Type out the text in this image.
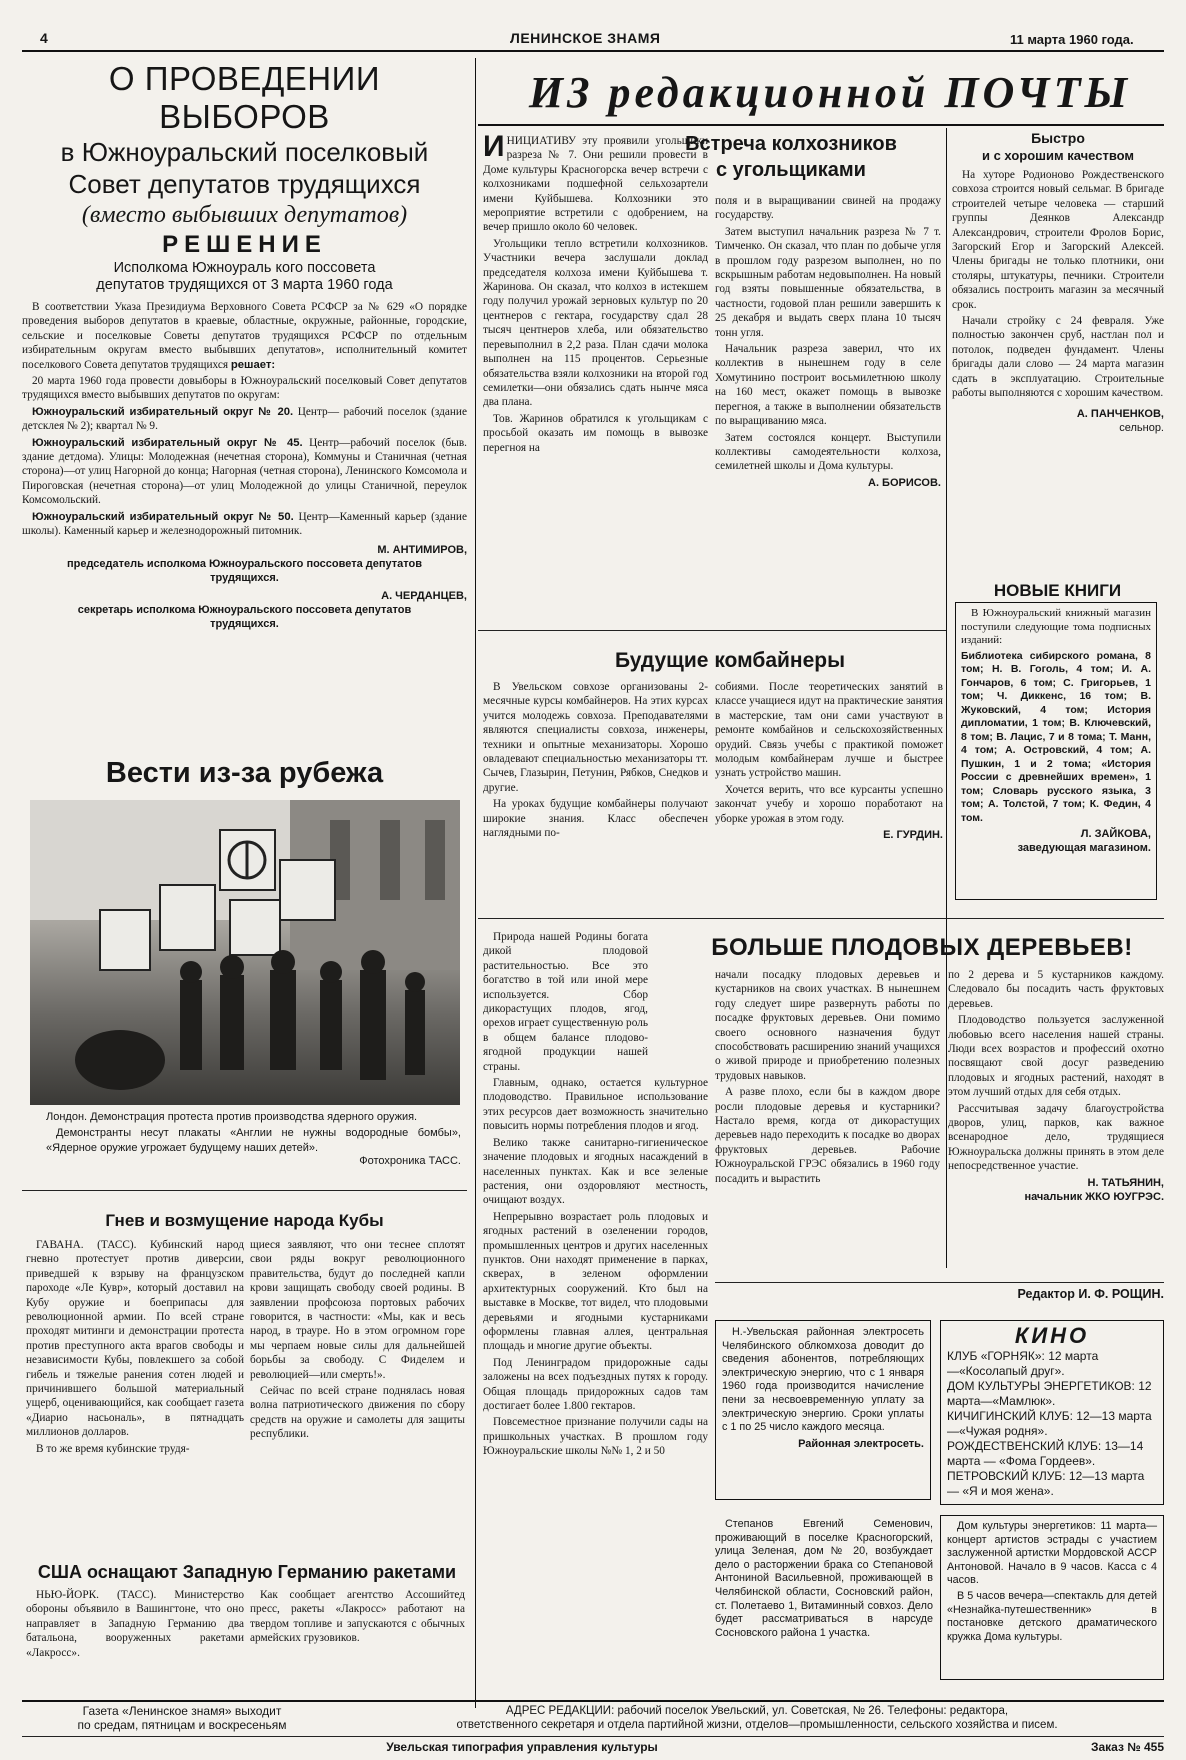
4	ЛЕНИНСКОЕ ЗНАМЯ	11 марта 1960 года.
О ПРОВЕДЕНИИ ВЫБОРОВ
в Южноуральский поселковый
Совет депутатов трудящихся
(вместо выбывших депутатов)
РЕШЕНИЕ
Исполкома Южноураль кого поссовета
депутатов трудящихся от 3 марта 1960 года

В соответствии Указа Президиума Верховного Совета РСФСР за № 629 «О порядке проведения выборов депутатов в краевые, областные, окружные, районные, городские, сельские и поселковые Советы депутатов трудящихся РСФСР по отдельным избирательным округам вместо выбывших депутатов», исполнительный комитет поселкового Совета депутатов трудящихся решает:

20 марта 1960 года провести довыборы в Южноуральский поселковый Совет депутатов трудящихся вместо выбывших депутатов по округам:

Южноуральский избирательный округ № 20. Центр— рабочий поселок (здание детсклея № 2); квартал № 9.

Южноуральский избирательный округ № 45. Центр—рабочий поселок (быв. здание детдома). Улицы: Молодежная (нечетная сторона), Коммуны и Станичная (четная сторона)—от улиц Нагорной до конца; Нагорная (четная сторона), Ленинского Комсомола и Пироговская (нечетная сторона)—от улиц Молодежной до улицы Станичной, переулок Комсомольский.

Южноуральский избирательный округ № 50. Центр—Каменный карьер (здание школы). Каменный карьер и железнодорожный питомник.

М. АНТИМИРОВ,
председатель исполкома Южноуральского поссовета депутатов трудящихся.
А. ЧЕРДАНЦЕВ,
секретарь исполкома Южноуральского поссовета депутатов трудящихся.
Вести из-за рубежа

Лондон. Демонстрация протеста против производства ядерного оружия.

Демонстранты несут плакаты «Англии не нужны водородные бомбы», «Ядерное оружие угрожает будущему наших детей».

Фотохроника ТАСС.
Гнев и возмущение народа Кубы

ГАВАНА. (ТАСС). Кубинский народ гневно протестует против диверсии, приведшей к взрыву на французском пароходе «Ле Кувр», который доставил на Кубу оружие и боеприпасы для революционной армии. По всей стране проходят митинги и демонстрации протеста против преступного акта врагов свободы и независимости Кубы, повлекшего за собой гибель и тяжелые ранения сотен людей и причинившего большой материальный ущерб, оценивающийся, как сообщает газета «Диарио насьональ», в пятнадцать миллионов долларов.

В то же время кубинские трудя-

щиеся заявляют, что они теснее сплотят свои ряды вокруг революционного правительства, будут до последней капли крови защищать свободу своей родины. В заявлении профсоюза портовых рабочих говорится, в частности: «Мы, как и весь народ, в трауре. Но в этом огромном горе мы черпаем новые силы для дальнейшей борьбы за свободу. С Фиделем и революцией—или смерть!».

Сейчас по всей стране поднялась новая волна патриотического движения по сбору средств на оружие и самолеты для защиты республики.

США оснащают Западную Германию ракетами

НЬЮ-ЙОРК. (ТАСС). Министерство обороны объявило в Вашингтоне, что оно направляет в Западную Германию два батальона, вооруженных ракетами «Лакросс».

Как сообщает агентство Ассошийтед пресс, ракеты «Лакросс» работают на твердом топливе и запускаются с обычных армейских грузовиков.

ИЗ редакционной ПОЧТЫ
Встреча колхозников
с угольщиками

И НИЦИАТИВУ эту проявили угольщики разреза № 7. Они решили провести в Доме культуры Красногорска вечер встречи с колхозниками подшефной сельхозартели имени Куйбышева. Колхозники это мероприятие встретили с одобрением, на вечер пришло около 60 человек.

Угольщики тепло встретили колхозников. Участники вечера заслушали доклад председателя колхоза имени Куйбышева т. Жаринова. Он сказал, что колхоз в истекшем году получил урожай зерновых культур по 20 центнеров с гектара, государству сдал 28 тысяч центнеров хлеба, или обязательство перевыполнил в 2,2 раза. План сдачи молока выполнен на 115 процентов. Серьезные обязательства взяли колхозники на второй год семилетки—они обязались сдать нынче мяса два плана.

Тов. Жаринов обратился к угольщикам с просьбой оказать им помощь в вывозке перегноя на

поля и в выращивании свиней на продажу государству.

Затем выступил начальник разреза № 7 т. Тимченко. Он сказал, что план по добыче угля в прошлом году разрезом выполнен, но по вскрышным работам недовыполнен. На новый год взяты повышенные обязательства, в частности, годовой план решили завершить к 25 декабря и выдать сверх плана 10 тысяч тонн угля.

Начальник разреза заверил, что их коллектив в нынешнем году в селе Хомутинино построит восьмилетнюю школу на 160 мест, окажет помощь в вывозке перегноя, а также в выполнении обязательств по выращиванию мяса.

Затем состоялся концерт. Выступили коллективы самодеятельности колхоза, семилетней школы и Дома культуры.

А. БОРИСОВ.
Быстро
и с хорошим качеством

На хуторе Родионово Рождественского совхоза строится новый сельмаг. В бригаде строителей четыре человека — старший группы Деянков Александр Александрович, строители Фролов Борис, Загорский Егор и Загорский Алексей. Члены бригады не только плотники, они столяры, штукатуры, печники. Строители обязались построить магазин за месячный срок.

Начали стройку с 24 февраля. Уже полностью закончен сруб, настлан пол и потолок, подведен фундамент. Члены бригады дали слово — 24 марта магазин сдать в эксплуатацию. Строительные работы выполняются с хорошим качеством.

А. ПАНЧЕНКОВ,
сельнор.
НОВЫЕ КНИГИ

В Южноуральский книжный магазин поступили следующие тома подписных изданий:

Библиотека сибирского романа, 8 том; Н. В. Гоголь, 4 том; И. А. Гончаров, 6 том; С. Григорьев, 1 том; Ч. Диккенс, 16 том; В. Жуковский, 4 том; История дипломатии, 1 том; В. Ключевский, 8 том; В. Лацис, 7 и 8 тома; Т. Манн, 4 том; А. Островский, 4 том; А. Пушкин, 1 и 2 тома; «История России с древнейших времен», 1 том; Словарь русского языка, 3 том; А. Толстой, 7 том; К. Федин, 4 том.

Л. ЗАЙКОВА,
заведующая магазином.
Будущие комбайнеры

В Увельском совхозе организованы 2-месячные курсы комбайнеров. На этих курсах учится молодежь совхоза. Преподавателями являются специалисты совхоза, инженеры, техники и опытные механизаторы. Хорошо овладевают специальностью механизаторы тт. Сычев, Глазырин, Петунин, Рябков, Снедков и другие.

На уроках будущие комбайнеры получают широкие знания. Класс обеспечен наглядными по-

собиями. После теоретических занятий в классе учащиеся идут на практические занятия в мастерские, там они сами участвуют в ремонте комбайнов и сельскохозяйственных орудий. Связь учебы с практикой поможет молодым комбайнерам лучше и быстрее узнать устройство машин.

Хочется верить, что все курсанты успешно закончат учебу и хорошо поработают на уборке урожая в этом году.

Е. ГУРДИН.
БОЛЬШЕ ПЛОДОВЫХ ДЕРЕВЬЕВ!

Природа нашей Родины богата дикой плодовой растительностью. Все это богатство в той или иной мере используется. Сбор дикорастущих плодов, ягод, орехов играет существенную роль в общем балансе плодово-ягодной продукции нашей страны.

Главным, однако, остается культурное плодоводство. Правильное использование этих ресурсов дает возможность значительно повысить нормы потребления плодов и ягод.

Велико также санитарно-гигиеническое значение плодовых и ягодных насаждений в населенных пунктах. Как и все зеленые растения, они оздоровляют местность, очищают воздух.

Непрерывно возрастает роль плодовых и ягодных растений в озеленении городов, промышленных центров и других населенных пунктов. Они находят применение в парках, скверах, в зеленом оформлении архитектурных сооружений. Кто был на выставке в Москве, тот видел, что плодовыми деревьями и ягодными кустарниками оформлены главная аллея, центральная площадь и многие другие объекты.

Под Ленинградом придорожные сады заложены на всех подъездных путях к городу. Общая площадь придорожных садов там достигает более 1.800 гектаров.

Повсеместное признание получили сады на пришкольных участках. В прошлом году Южноуральские школы №№ 1, 2 и 50

начали посадку плодовых деревьев и кустарников на своих участках. В нынешнем году следует шире развернуть работы по посадке фруктовых деревьев. Они помимо своего основного назначения будут способствовать расширению знаний учащихся о живой природе и приобретению полезных трудовых навыков.

А разве плохо, если бы в каждом дворе росли плодовые деревья и кустарники? Настало время, когда от дикорастущих деревьев надо переходить к посадке во дворах фруктовых деревьев. Рабочие Южноуральской ГРЭС обязались в 1960 году посадить и вырастить

по 2 дерева и 5 кустарников каждому. Следовало бы посадить часть фруктовых деревьев.

Плодоводство пользуется заслуженной любовью всего населения нашей страны. Люди всех возрастов и профессий охотно посвящают свой досуг разведению плодовых и ягодных растений, находят в этом лучший отдых для себя отдых.

Рассчитывая задачу благоустройства дворов, улиц, парков, как важное всенародное дело, трудящиеся Южноуральска должны принять в этом деле непосредственное участие.

Н. ТАТЬЯНИН,
начальник ЖКО ЮУГРЭС.
Редактор И. Ф. РОЩИН.

Н.-Увельская районная электросеть Челябинского облкомхоза доводит до сведения абонентов, потребляющих электрическую энергию, что с 1 января 1960 года производится начисление пени за несвоевременную уплату за электрическую энергию. Сроки уплаты с 1 по 25 число каждого месяца.

Районная электросеть.

Степанов Евгений Семенович, проживающий в поселке Красногорский, улица Зеленая, дом № 20, возбуждает дело о расторжении брака со Степановой Антониной Васильевной, проживающей в Челябинской области, Сосновский район, ст. Полетаево 1, Витаминный совхоз. Дело будет рассматриваться в нарсуде Сосновского района 1 участка.

КИНО
КЛУБ «ГОРНЯК»: 12 марта —«Косолапый друг».
ДОМ КУЛЬТУРЫ ЭНЕРГЕТИКОВ: 12 марта—«Мамлюк».
КИЧИГИНСКИЙ КЛУБ: 12—13 марта—«Чужая родня».
РОЖДЕСТВЕНСКИЙ КЛУБ: 13—14 марта — «Фома Гордеев».
ПЕТРОВСКИЙ КЛУБ: 12—13 марта — «Я и моя жена».

Дом культуры энергетиков: 11 марта—концерт артистов эстрады с участием заслуженной артистки Мордовской АССР Антоновой. Начало в 9 часов. Касса с 4 часов.

В 5 часов вечера—спектакль для детей «Незнайка-путешественник» в постановке детского драматического кружка Дома культуры.

Газета «Ленинское знамя» выходит
по средам, пятницам и воскресеньям
АДРЕС РЕДАКЦИИ: рабочий поселок Увельский, ул. Советская, № 26. Телефоны: редактора,
ответственного секретаря и отдела партийной жизни, отделов—промышленности, сельского хозяйства и писем.
Увельская типография управления культуры	Заказ № 455
